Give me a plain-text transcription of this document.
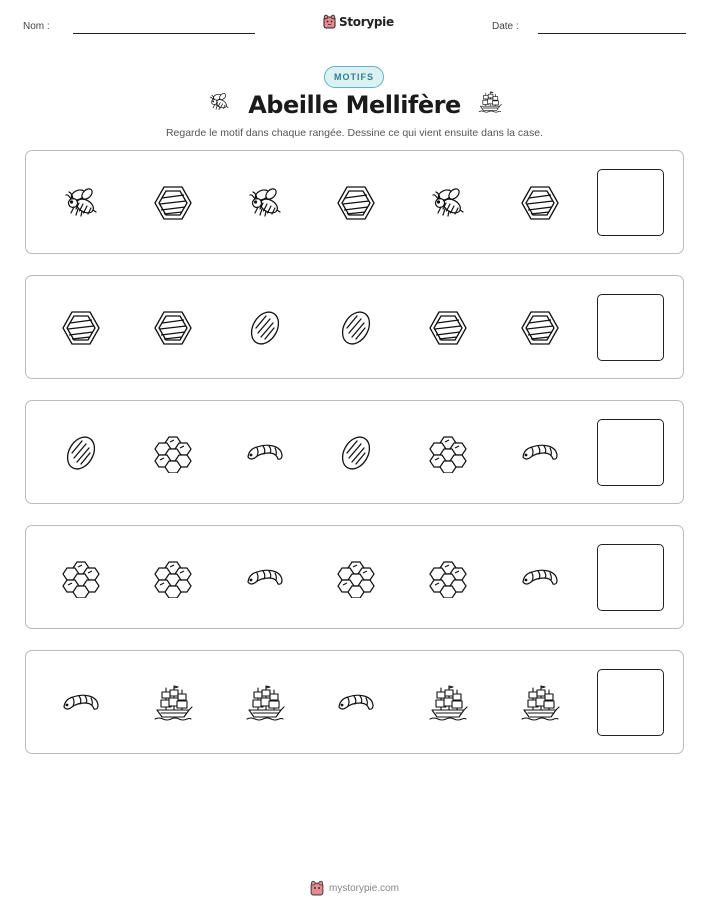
Nom :	Storypie	Date :
MOTIFS
Abeille Mellifère
Regarde le motif dans chaque rangée. Dessine ce qui vient ensuite dans la case.
mystorypie.com
